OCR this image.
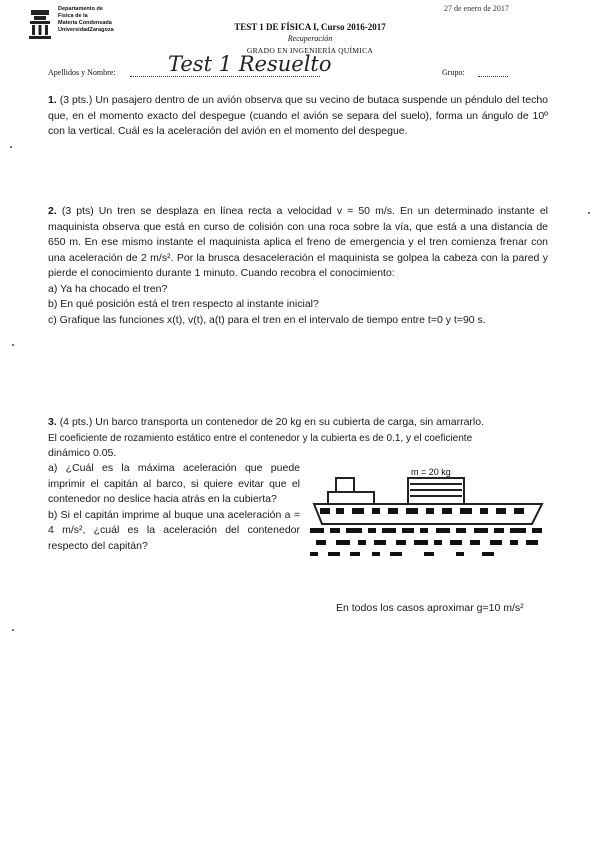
Departamento de
Física de la
Materia Condensada
UniversidadZaragoza
27 de enero de 2017
TEST 1 DE FÍSICA I, Curso 2016-2017
Recuperación
GRADO EN INGENIERÍA QUÍMICA
Apellidos y Nombre: Test 1 Resuelto	Grupo:
1. (3 pts.) Un pasajero dentro de un avión observa que su vecino de butaca suspende un péndulo del techo que, en el momento exacto del despegue (cuando el avión se separa del suelo), forma un ángulo de 10º con la vertical. Cuál es la aceleración del avión en el momento del despegue.
2. (3 pts) Un tren se desplaza en línea recta a velocidad v = 50 m/s. En un determinado instante el maquinista observa que está en curso de colisión con una roca sobre la vía, que está a una distancia de 650 m. En ese mismo instante el maquinista aplica el freno de emergencia y el tren comienza frenar con una aceleración de 2 m/s². Por la brusca desaceleración el maquinista se golpea la cabeza con la pared y pierde el conocimiento durante 1 minuto. Cuando recobra el conocimiento:
a) Ya ha chocado el tren?
b) En qué posición está el tren respecto al instante inicial?
c) Grafique las funciones x(t), v(t), a(t) para el tren en el intervalo de tiempo entre t=0 y t=90 s.
3. (4 pts.) Un barco transporta un contenedor de 20 kg en su cubierta de carga, sin amarrarlo.
El coeficiente de rozamiento estático entre el contenedor y la cubierta es de 0.1, y el coeficiente
dinámico 0.05.
a) ¿Cuál es la máxima aceleración que puede imprimir el capitán al barco, si quiere evitar que el contenedor no deslice hacia atrás en la cubierta?
b) Si el capitán imprime al buque una aceleración a = 4 m/s², ¿cuál es la aceleración del contenedor respecto del capitán?
m = 20 kg
En todos los casos aproximar g=10 m/s²
